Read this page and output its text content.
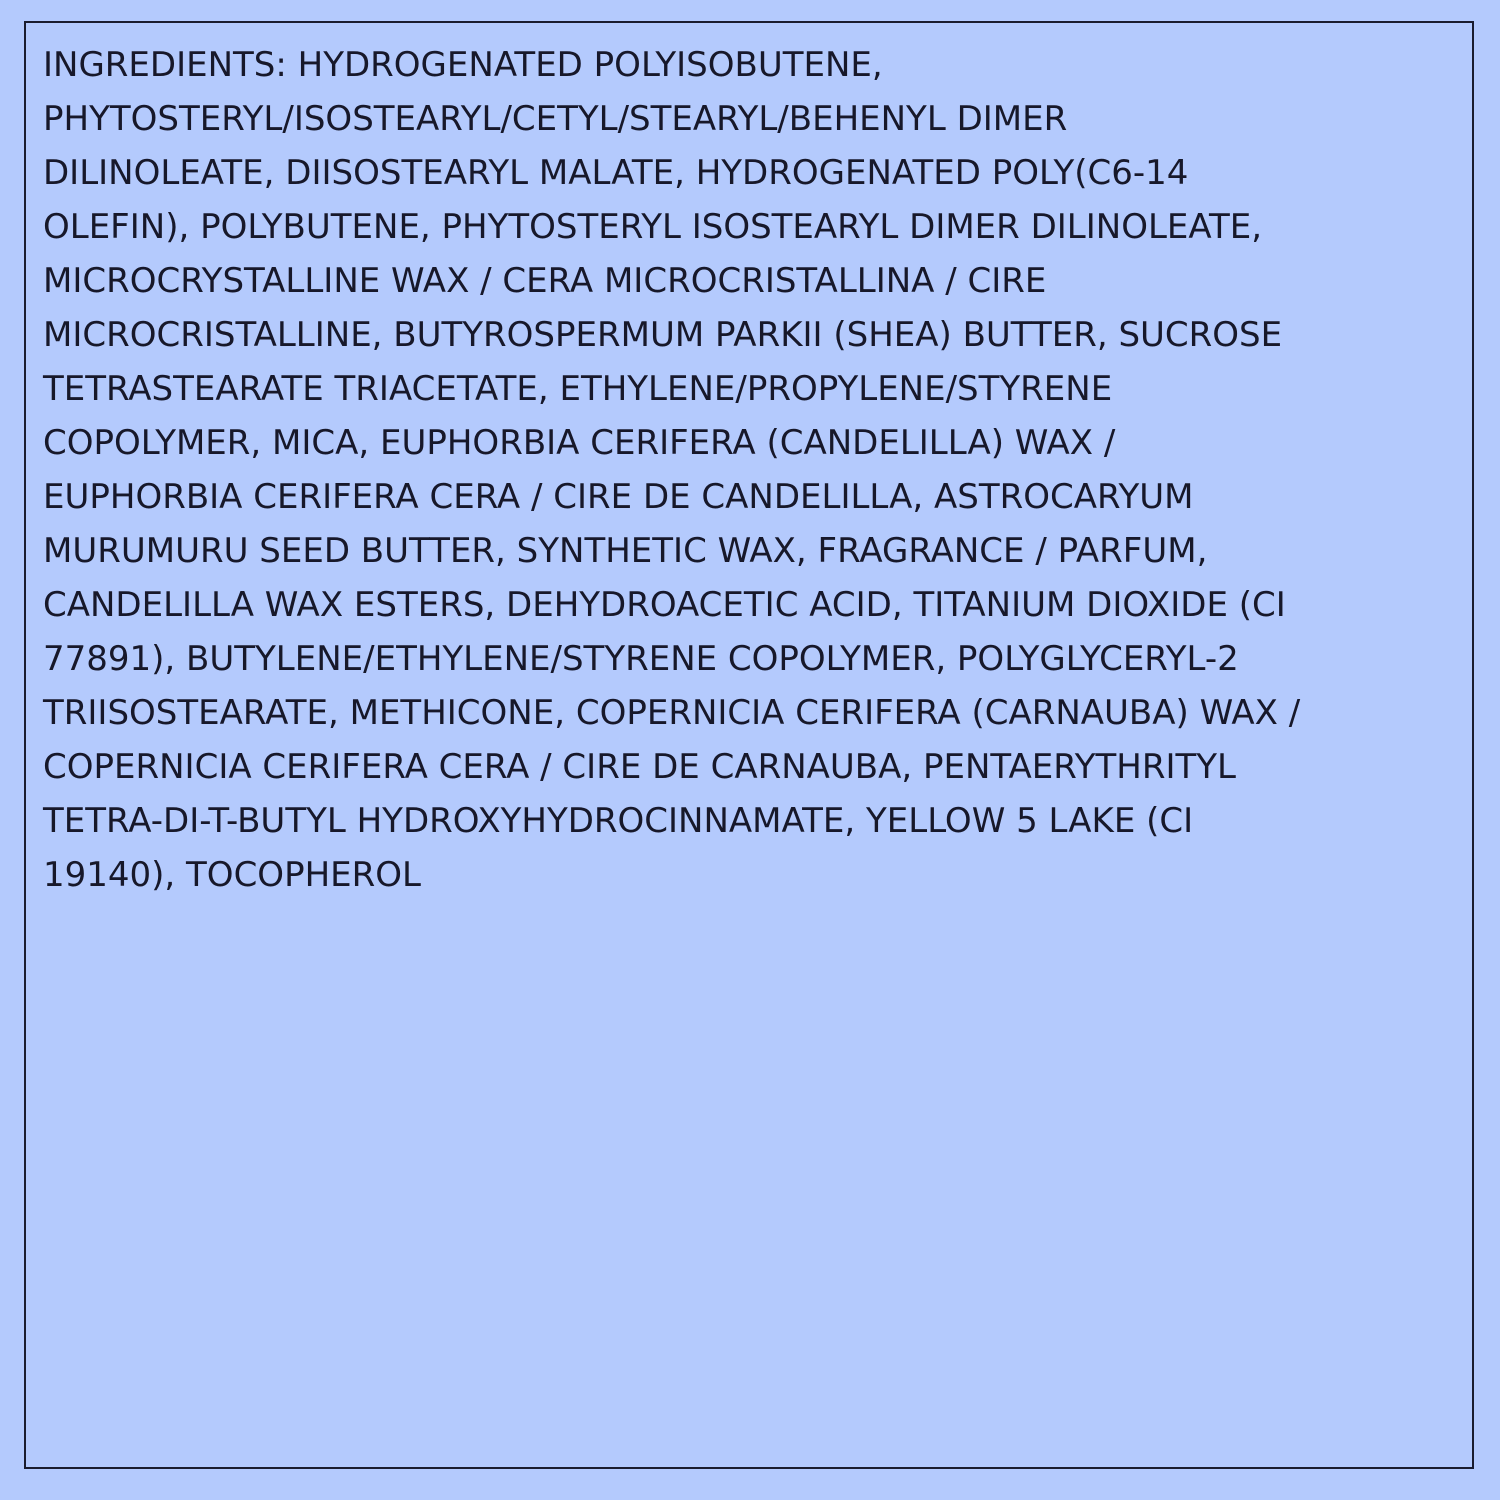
INGREDIENTS: HYDROGENATED POLYISOBUTENE,
PHYTOSTERYL/ISOSTEARYL/CETYL/STEARYL/BEHENYL DIMER
DILINOLEATE, DIISOSTEARYL MALATE, HYDROGENATED POLY(C6-14
OLEFIN), POLYBUTENE, PHYTOSTERYL ISOSTEARYL DIMER DILINOLEATE,
MICROCRYSTALLINE WAX / CERA MICROCRISTALLINA / CIRE
MICROCRISTALLINE, BUTYROSPERMUM PARKII (SHEA) BUTTER, SUCROSE
TETRASTEARATE TRIACETATE, ETHYLENE/PROPYLENE/STYRENE
COPOLYMER, MICA, EUPHORBIA CERIFERA (CANDELILLA) WAX /
EUPHORBIA CERIFERA CERA / CIRE DE CANDELILLA, ASTROCARYUM
MURUMURU SEED BUTTER, SYNTHETIC WAX, FRAGRANCE / PARFUM,
CANDELILLA WAX ESTERS, DEHYDROACETIC ACID, TITANIUM DIOXIDE (CI
77891), BUTYLENE/ETHYLENE/STYRENE COPOLYMER, POLYGLYCERYL-2
TRIISOSTEARATE, METHICONE, COPERNICIA CERIFERA (CARNAUBA) WAX /
COPERNICIA CERIFERA CERA / CIRE DE CARNAUBA, PENTAERYTHRITYL
TETRA-DI-T-BUTYL HYDROXYHYDROCINNAMATE, YELLOW 5 LAKE (CI
19140), TOCOPHEROL
